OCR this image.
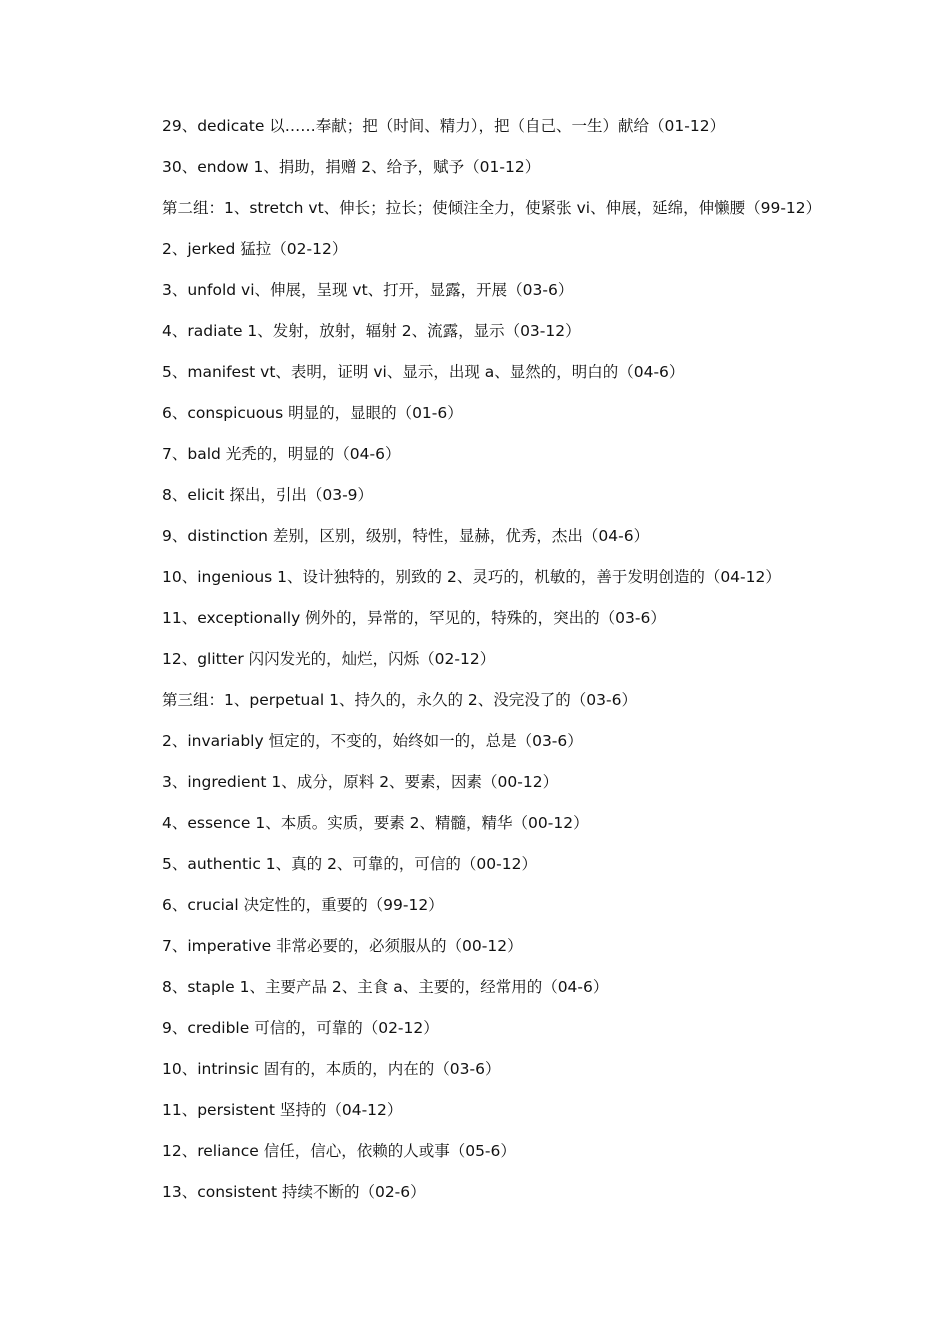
29、dedicate 以……奉献；把（时间、精力），把（自己、一生）献给（01-12）
30、endow 1、捐助，捐赠 2、给予，赋予（01-12）
第二组：1、stretch vt、伸长；拉长；使倾注全力，使紧张 vi、伸展，延绵，伸懒腰（99-12）
2、jerked 猛拉（02-12）
3、unfold vi、伸展，呈现 vt、打开，显露，开展（03-6）
4、radiate 1、发射，放射，辐射 2、流露，显示（03-12）
5、manifest vt、表明，证明 vi、显示，出现 a、显然的，明白的（04-6）
6、conspicuous 明显的，显眼的（01-6）
7、bald 光秃的，明显的（04-6）
8、elicit 探出，引出（03-9）
9、distinction 差别，区别，级别，特性，显赫，优秀，杰出（04-6）
10、ingenious 1、设计独特的，别致的 2、灵巧的，机敏的，善于发明创造的（04-12）
11、exceptionally 例外的，异常的，罕见的，特殊的，突出的（03-6）
12、glitter 闪闪发光的，灿烂，闪烁（02-12）
第三组：1、perpetual 1、持久的，永久的 2、没完没了的（03-6）
2、invariably 恒定的，不变的，始终如一的，总是（03-6）
3、ingredient 1、成分，原料 2、要素，因素（00-12）
4、essence 1、本质。实质，要素 2、精髓，精华（00-12）
5、authentic 1、真的 2、可靠的，可信的（00-12）
6、crucial 决定性的，重要的（99-12）
7、imperative 非常必要的，必须服从的（00-12）
8、staple 1、主要产品 2、主食 a、主要的，经常用的（04-6）
9、credible 可信的，可靠的（02-12）
10、intrinsic 固有的，本质的，内在的（03-6）
11、persistent 坚持的（04-12）
12、reliance 信任，信心，依赖的人或事（05-6）
13、consistent 持续不断的（02-6）
